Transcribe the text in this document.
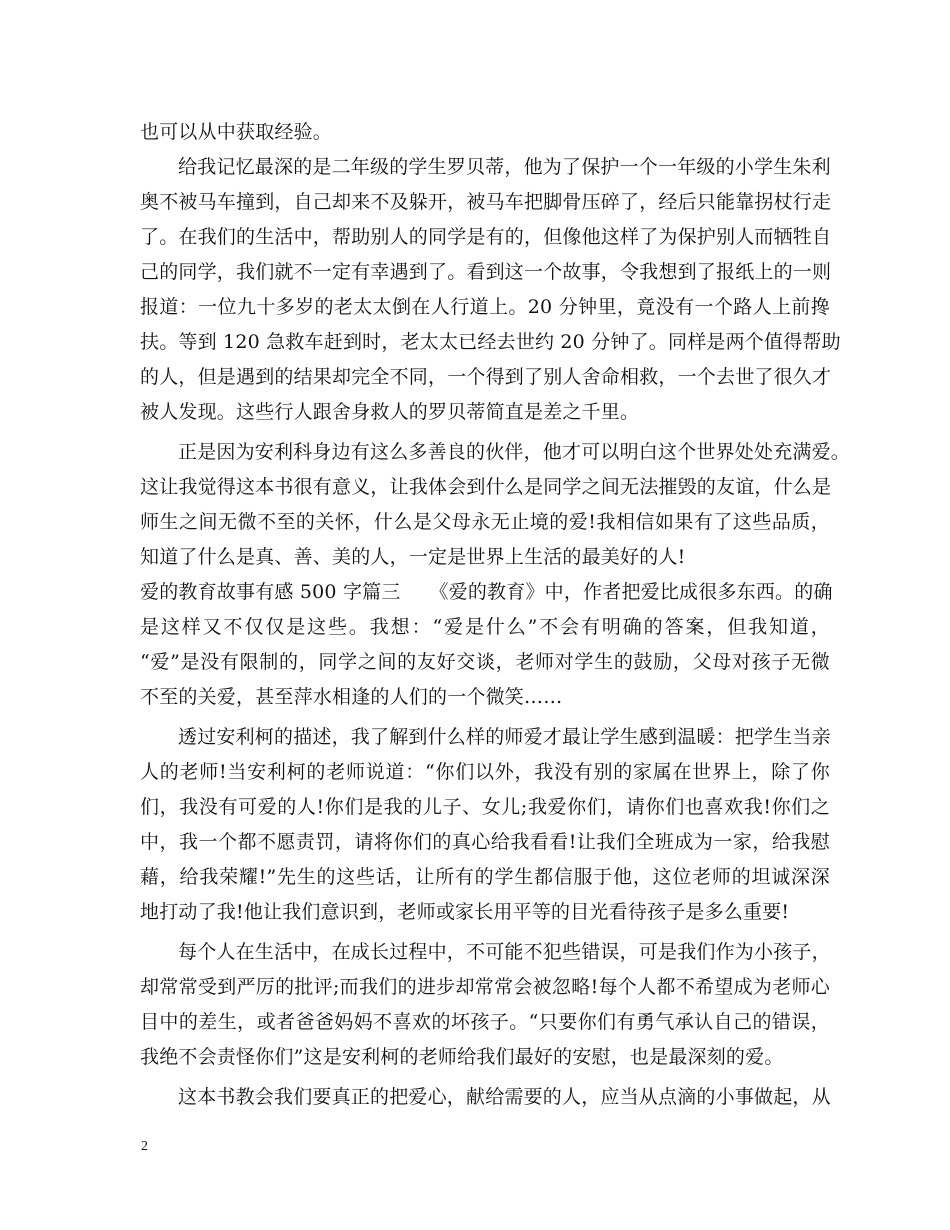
也可以从中获取经验。
给我记忆最深的是二年级的学生罗贝蒂，他为了保护一个一年级的小学生朱利
奥不被马车撞到，自己却来不及躲开，被马车把脚骨压碎了，经后只能靠拐杖行走
了。在我们的生活中，帮助别人的同学是有的，但像他这样了为保护别人而牺牲自
己的同学，我们就不一定有幸遇到了。看到这一个故事，令我想到了报纸上的一则
报道：一位九十多岁的老太太倒在人行道上。20 分钟里，竟没有一个路人上前搀
扶。等到 120 急救车赶到时，老太太已经去世约 20 分钟了。同样是两个值得帮助
的人，但是遇到的结果却完全不同，一个得到了别人舍命相救，一个去世了很久才
被人发现。这些行人跟舍身救人的罗贝蒂简直是差之千里。
正是因为安利科身边有这么多善良的伙伴，他才可以明白这个世界处处充满爱。
这让我觉得这本书很有意义，让我体会到什么是同学之间无法摧毁的友谊，什么是
师生之间无微不至的关怀，什么是父母永无止境的爱!我相信如果有了这些品质，
知道了什么是真、善、美的人，一定是世界上生活的最美好的人!
爱的教育故事有感 500 字篇三　　《爱的教育》中，作者把爱比成很多东西。的确
是这样又不仅仅是这些。我想：“爱是什么”不会有明确的答案，但我知道，
“爱”是没有限制的，同学之间的友好交谈，老师对学生的鼓励，父母对孩子无微
不至的关爱，甚至萍水相逢的人们的一个微笑……
透过安利柯的描述，我了解到什么样的师爱才最让学生感到温暖：把学生当亲
人的老师!当安利柯的老师说道：“你们以外，我没有别的家属在世界上，除了你
们，我没有可爱的人!你们是我的儿子、女儿;我爱你们，请你们也喜欢我!你们之
中，我一个都不愿责罚，请将你们的真心给我看看!让我们全班成为一家，给我慰
藉，给我荣耀!”先生的这些话，让所有的学生都信服于他，这位老师的坦诚深深
地打动了我!他让我们意识到，老师或家长用平等的目光看待孩子是多么重要!
每个人在生活中，在成长过程中，不可能不犯些错误，可是我们作为小孩子，
却常常受到严厉的批评;而我们的进步却常常会被忽略!每个人都不希望成为老师心
目中的差生，或者爸爸妈妈不喜欢的坏孩子。“只要你们有勇气承认自己的错误，
我绝不会责怪你们”这是安利柯的老师给我们最好的安慰，也是最深刻的爱。
这本书教会我们要真正的把爱心，献给需要的人，应当从点滴的小事做起，从
2
